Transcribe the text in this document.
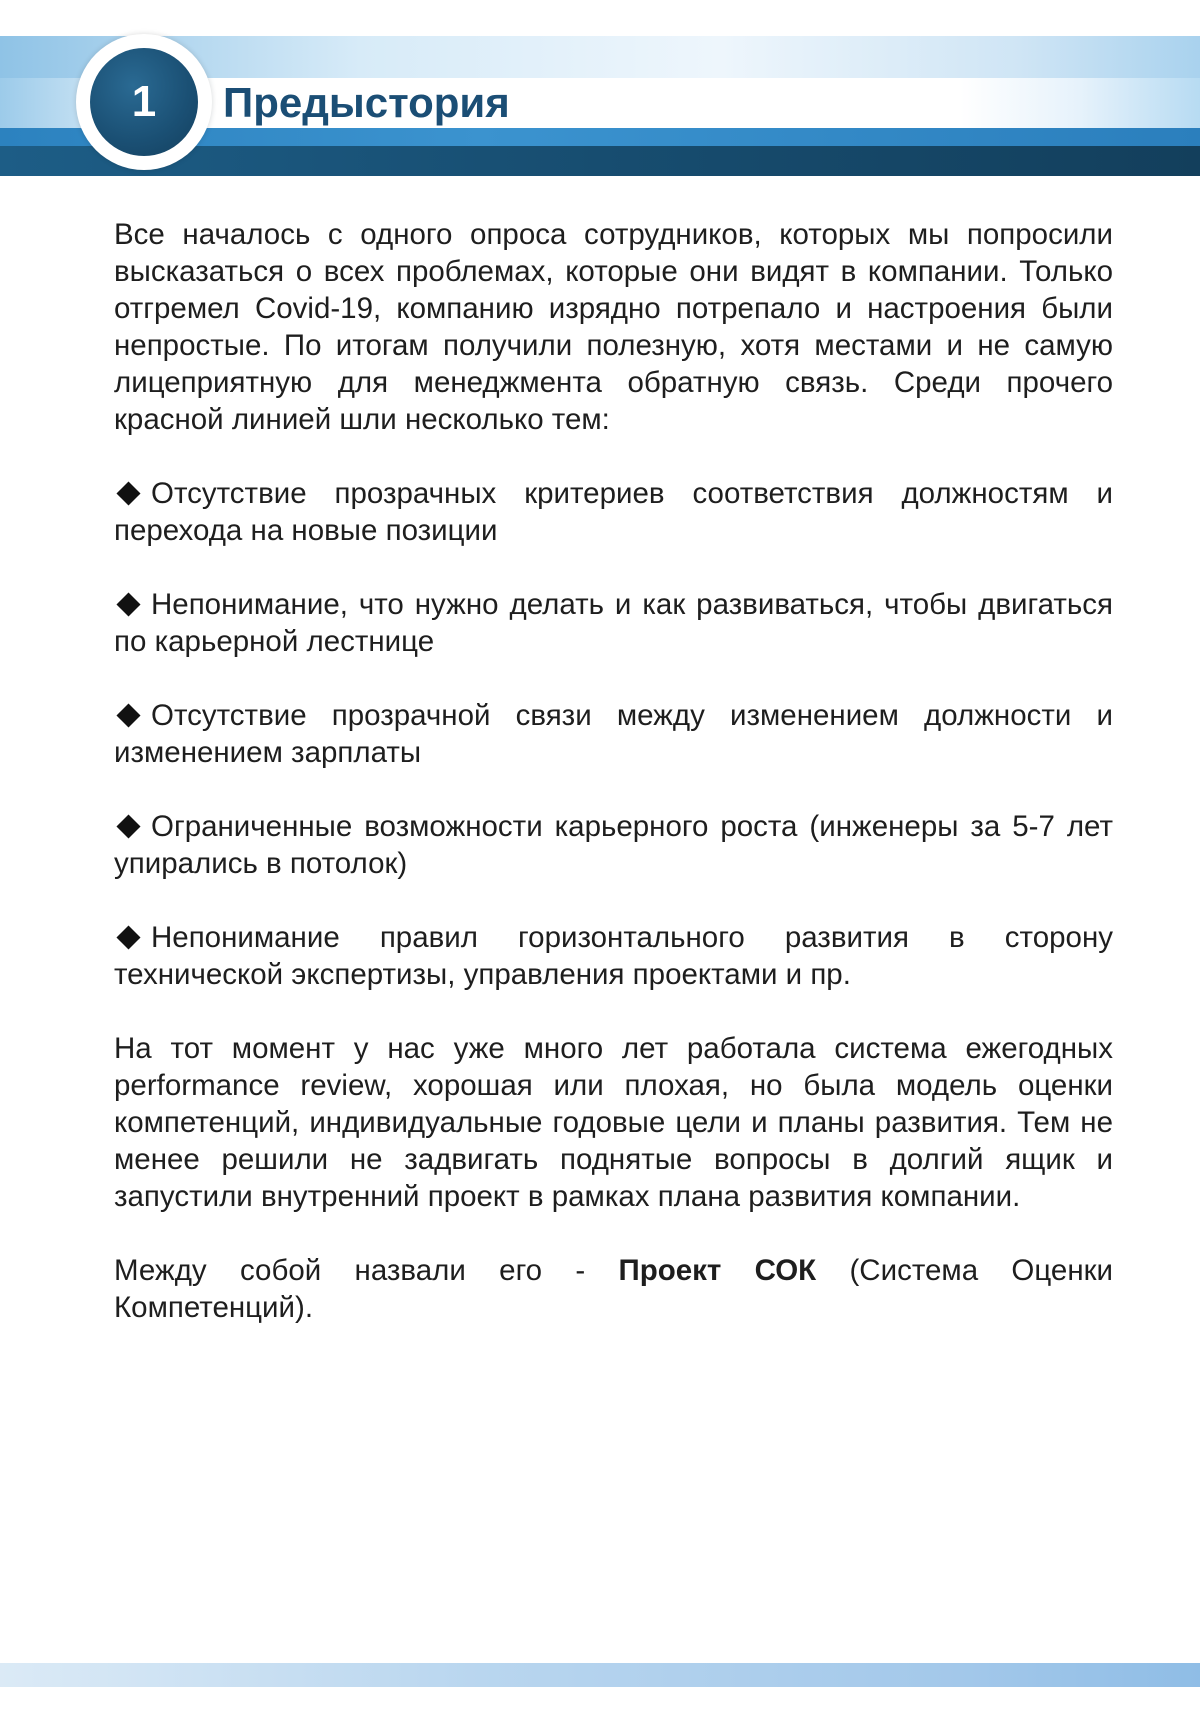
1	Предыстория

Все началось с одного опроса сотрудников, которых мы попросили высказаться о всех проблемах, которые они видят в компании. Только отгремел Covid-19, компанию изрядно потрепало и настроения были непростые. По итогам получили полезную, хотя местами и не самую лицеприятную для менеджмента обратную связь. Среди прочего красной линией шли несколько тем:

Отсутствие прозрачных критериев соответствия должностям и перехода на новые позиции

Непонимание, что нужно делать и как развиваться, чтобы двигаться по карьерной лестнице

Отсутствие прозрачной связи между изменением должности и изменением зарплаты

Ограниченные возможности карьерного роста (инженеры за 5-7 лет упирались в потолок)

Непонимание правил горизонтального развития в сторону технической экспертизы, управления проектами и пр.

На тот момент у нас уже много лет работала система ежегодных performance review, хорошая или плохая, но была модель оценки компетенций, индивидуальные годовые цели и планы развития. Тем не менее решили не задвигать поднятые вопросы в долгий ящик и запустили внутренний проект в рамках плана развития компании.

Между собой назвали его - Проект СОК (Система Оценки Компетенций).
